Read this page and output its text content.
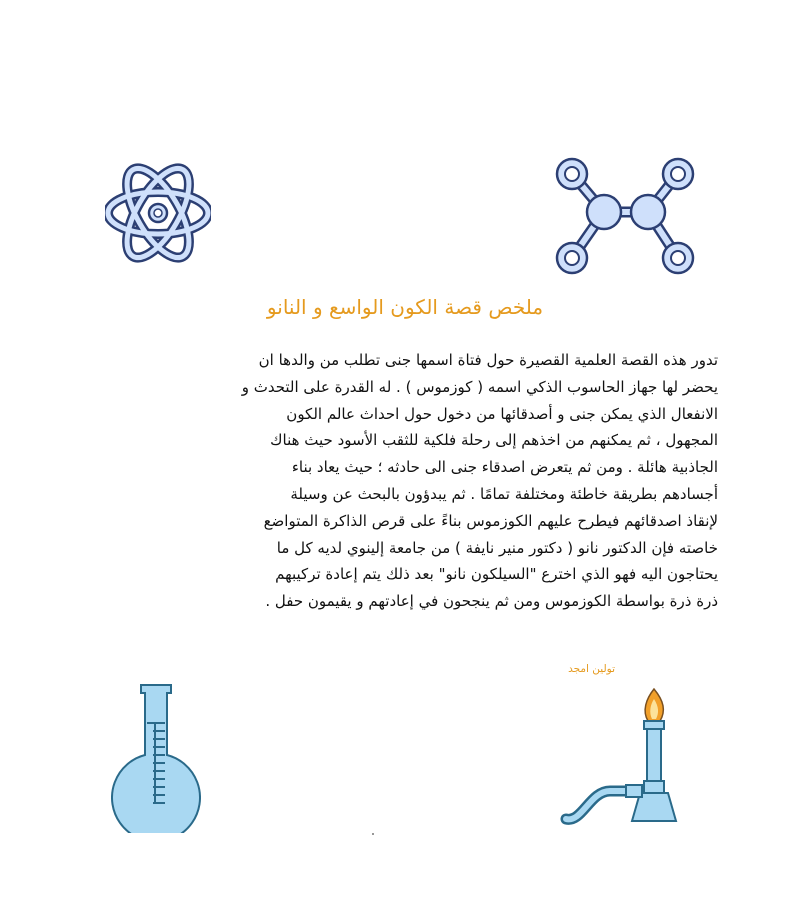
ملخص قصة الكون الواسع و النانو
تدور هذه القصة العلمية القصيرة حول فتاة اسمها جنى تطلب من والدها ان
يحضر لها جهاز الحاسوب الذكي اسمه ( كوزموس ) . له القدرة على التحدث و
الانفعال الذي يمكن جنى و أصدقائها من دخول حول احداث عالم الكون
المجهول ، ثم يمكنهم من اخذهم إلى رحلة فلكية للثقب الأسود حيث هناك
الجاذبية هائلة . ومن ثم يتعرض اصدقاء جنى الى حادثه ؛ حيث يعاد بناء
أجسادهم بطريقة خاطئة ومختلفة تمامًا . ثم يبدؤون بالبحث عن وسيلة
لإنقاذ اصدقائهم فيطرح عليهم الكوزموس بناءً على قرص الذاكرة المتواضع
خاصته فإن الدكتور نانو ( دكتور منير نايفة ) من جامعة إلينوي لديه كل ما
يحتاجون اليه فهو الذي اخترع "السيلكون نانو" بعد ذلك يتم إعادة تركيبهم
ذرة ذرة بواسطة الكوزموس ومن ثم ينجحون في إعادتهم و يقيمون حفل .
تولين امجد
